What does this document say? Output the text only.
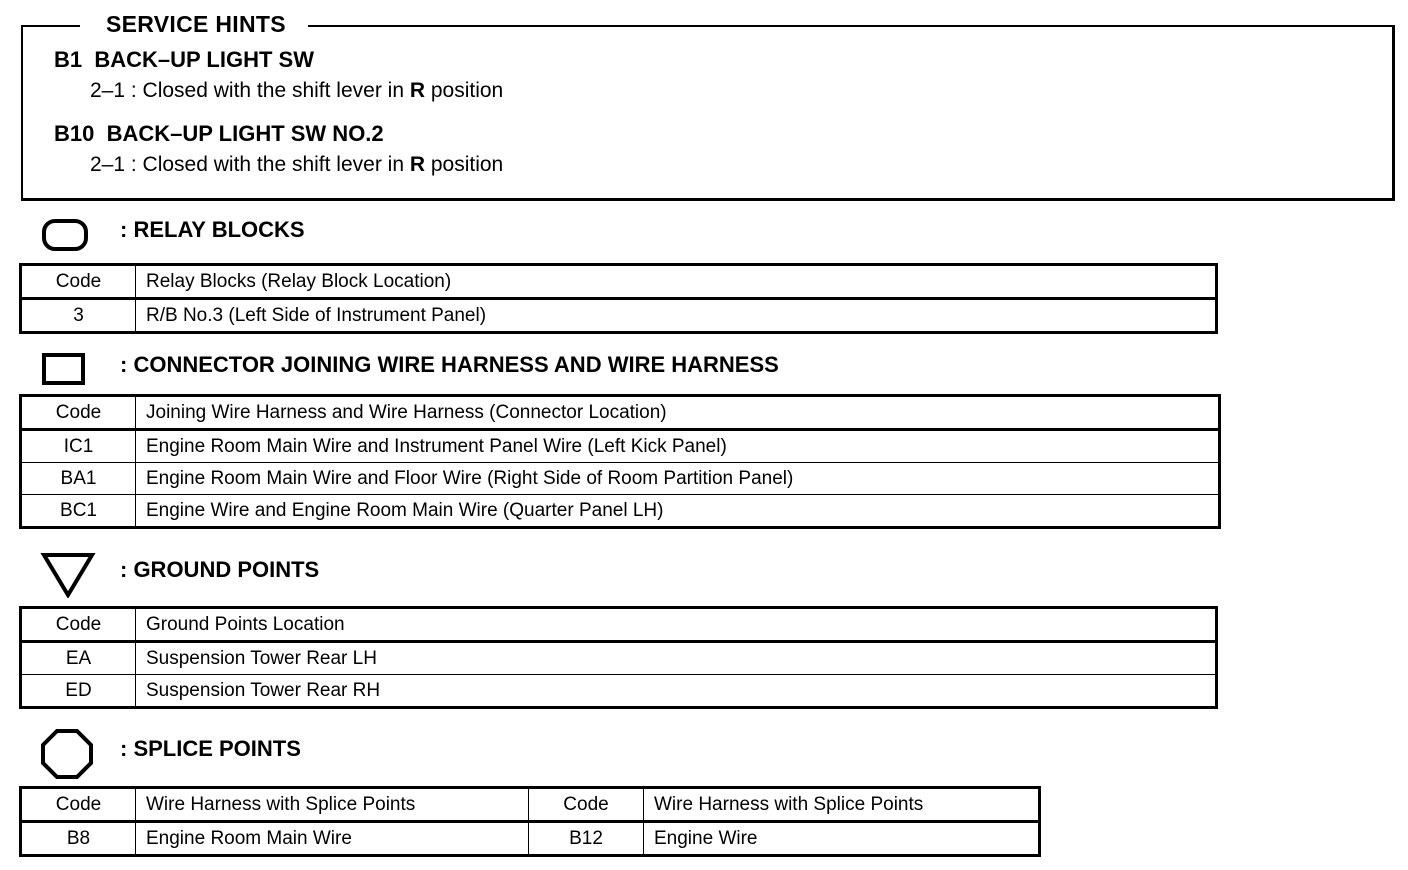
SERVICE HINTS
B1 BACK–UP LIGHT SW
2–1 : Closed with the shift lever in R position
B10 BACK–UP LIGHT SW NO.2
2–1 : Closed with the shift lever in R position
: RELAY BLOCKS
Code	Relay Blocks (Relay Block Location)
3	R/B No.3 (Left Side of Instrument Panel)
: CONNECTOR JOINING WIRE HARNESS AND WIRE HARNESS
Code	Joining Wire Harness and Wire Harness (Connector Location)
IC1	Engine Room Main Wire and Instrument Panel Wire (Left Kick Panel)
BA1	Engine Room Main Wire and Floor Wire (Right Side of Room Partition Panel)
BC1	Engine Wire and Engine Room Main Wire (Quarter Panel LH)
: GROUND POINTS
Code	Ground Points Location
EA	Suspension Tower Rear LH
ED	Suspension Tower Rear RH
: SPLICE POINTS
Code	Wire Harness with Splice Points	Code	Wire Harness with Splice Points
B8	Engine Room Main Wire	B12	Engine Wire
